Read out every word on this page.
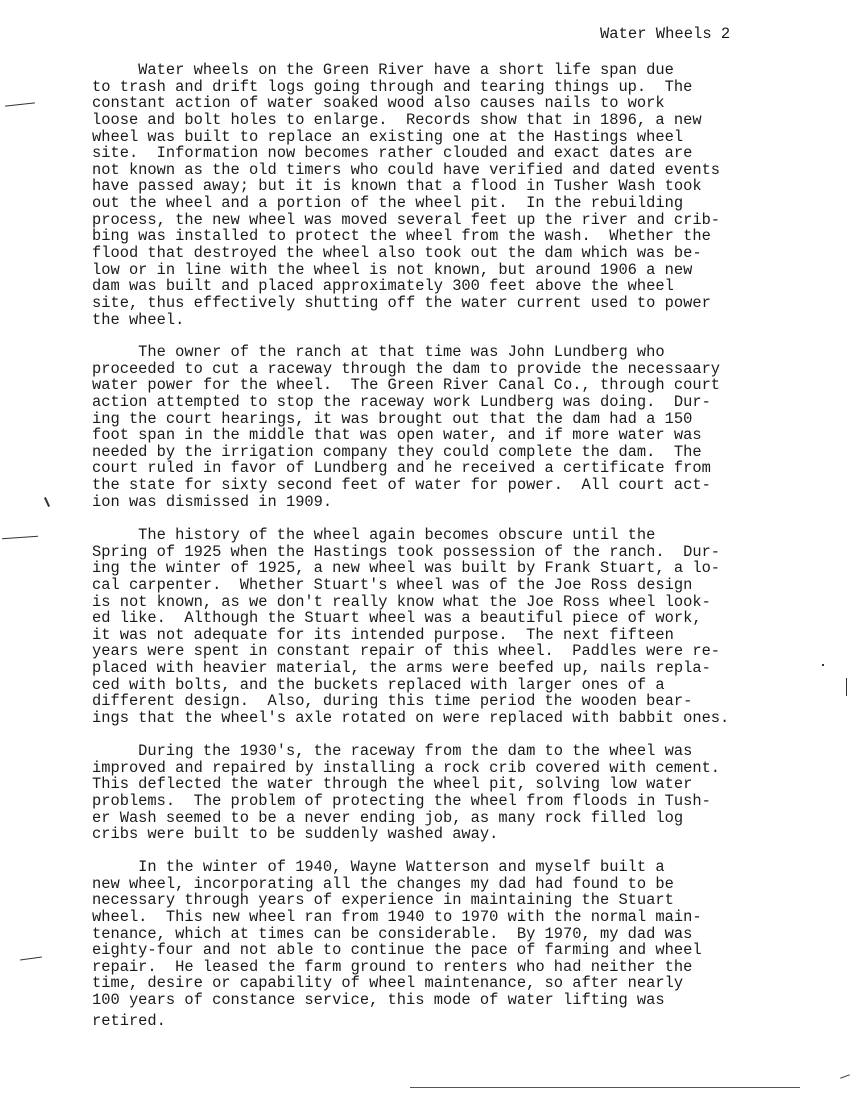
Water Wheels 2
Water wheels on the Green River have a short life span due
to trash and drift logs going through and tearing things up.  The
constant action of water soaked wood also causes nails to work
loose and bolt holes to enlarge.  Records show that in 1896, a new
wheel was built to replace an existing one at the Hastings wheel
site.  Information now becomes rather clouded and exact dates are
not known as the old timers who could have verified and dated events
have passed away; but it is known that a flood in Tusher Wash took
out the wheel and a portion of the wheel pit.  In the rebuilding
process, the new wheel was moved several feet up the river and crib-
bing was installed to protect the wheel from the wash.  Whether the
flood that destroyed the wheel also took out the dam which was be-
low or in line with the wheel is not known, but around 1906 a new
dam was built and placed approximately 300 feet above the wheel
site, thus effectively shutting off the water current used to power
the wheel.
The owner of the ranch at that time was John Lundberg who
proceeded to cut a raceway through the dam to provide the necessaary
water power for the wheel.  The Green River Canal Co., through court
action attempted to stop the raceway work Lundberg was doing.  Dur-
ing the court hearings, it was brought out that the dam had a 150
foot span in the middle that was open water, and if more water was
needed by the irrigation company they could complete the dam.  The
court ruled in favor of Lundberg and he received a certificate from
the state for sixty second feet of water for power.  All court act-
ion was dismissed in 1909.
The history of the wheel again becomes obscure until the
Spring of 1925 when the Hastings took possession of the ranch.  Dur-
ing the winter of 1925, a new wheel was built by Frank Stuart, a lo-
cal carpenter.  Whether Stuart's wheel was of the Joe Ross design
is not known, as we don't really know what the Joe Ross wheel look-
ed like.  Although the Stuart wheel was a beautiful piece of work,
it was not adequate for its intended purpose.  The next fifteen
years were spent in constant repair of this wheel.  Paddles were re-
placed with heavier material, the arms were beefed up, nails repla-
ced with bolts, and the buckets replaced with larger ones of a
different design.  Also, during this time period the wooden bear-
ings that the wheel's axle rotated on were replaced with babbit ones.
During the 1930's, the raceway from the dam to the wheel was
improved and repaired by installing a rock crib covered with cement.
This deflected the water through the wheel pit, solving low water
problems.  The problem of protecting the wheel from floods in Tush-
er Wash seemed to be a never ending job, as many rock filled log
cribs were built to be suddenly washed away.
In the winter of 1940, Wayne Watterson and myself built a
new wheel, incorporating all the changes my dad had found to be
necessary through years of experience in maintaining the Stuart
wheel.  This new wheel ran from 1940 to 1970 with the normal main-
tenance, which at times can be considerable.  By 1970, my dad was
eighty-four and not able to continue the pace of farming and wheel
repair.  He leased the farm ground to renters who had neither the
time, desire or capability of wheel maintenance, so after nearly
100 years of constance service, this mode of water lifting was
retired.
